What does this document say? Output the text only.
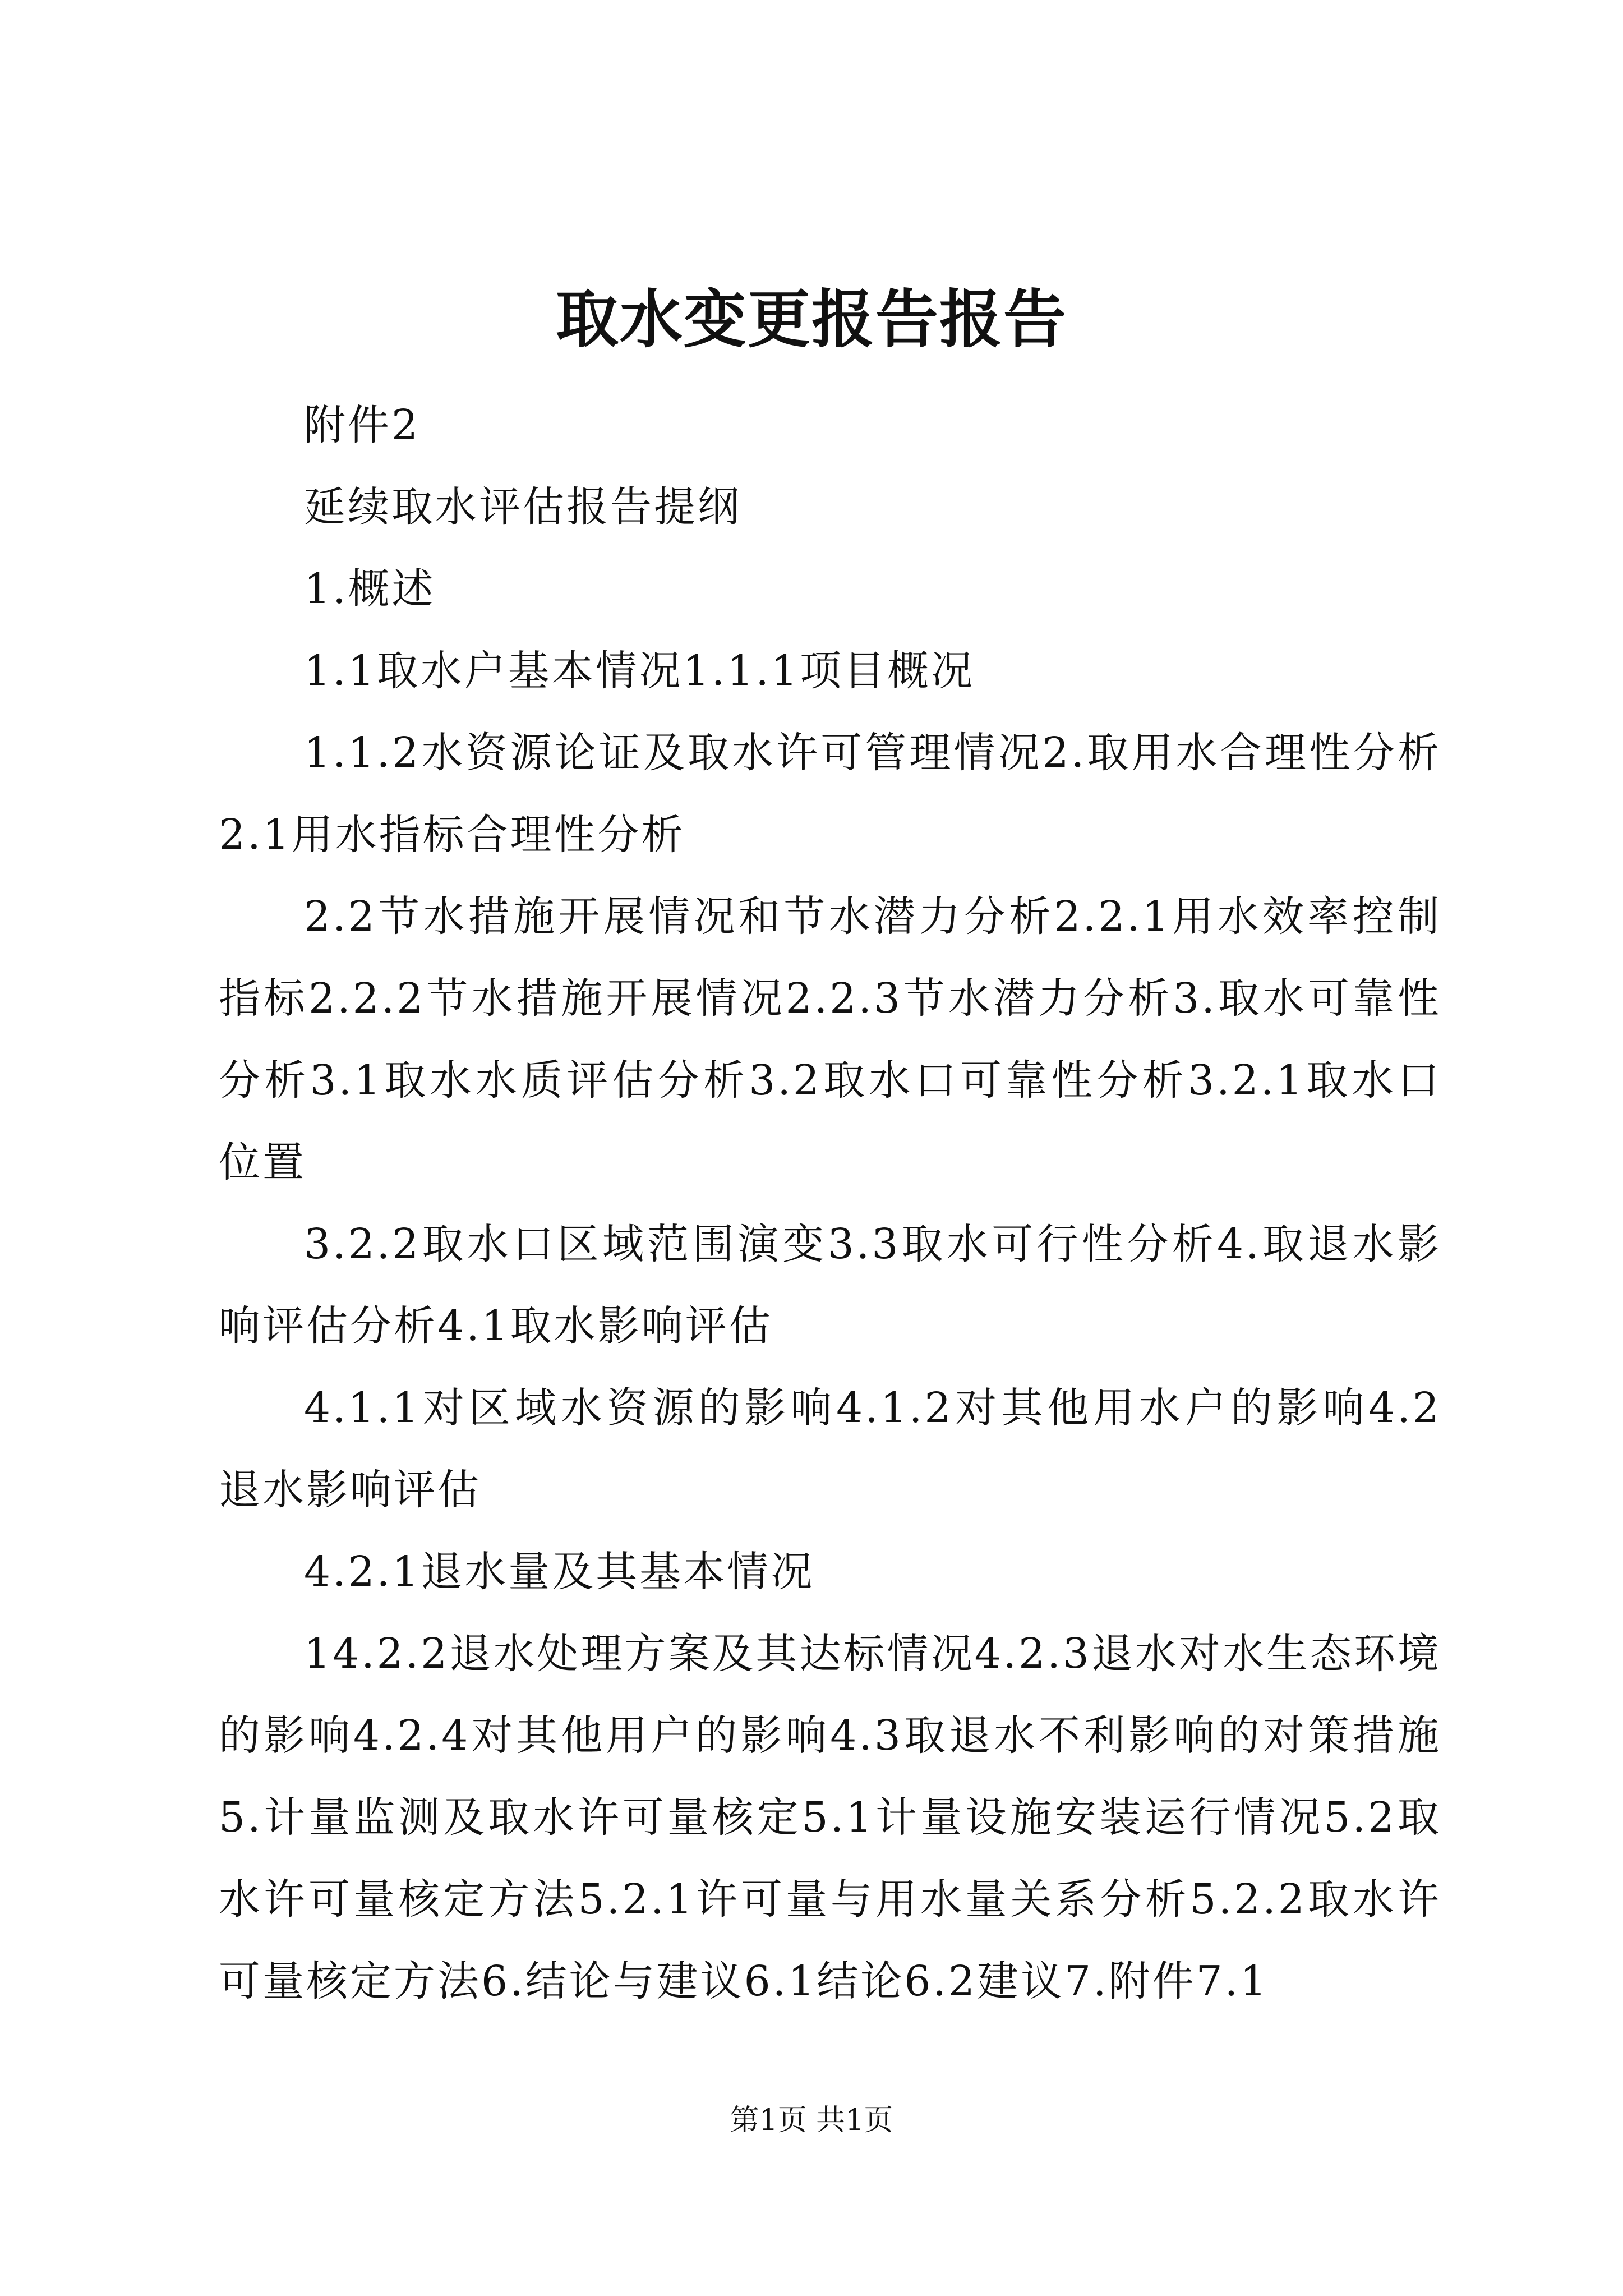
取水变更报告报告

附件2

延续取水评估报告提纲

1.概述

1.1取水户基本情况1.1.1项目概况

1.1.2水资源论证及取水许可管理情况2.取用水合理性分析2.1用水指标合理性分析

2.2节水措施开展情况和节水潜力分析2.2.1用水效率控制指标2.2.2节水措施开展情况2.2.3节水潜力分析3.取水可靠性分析3.1取水水质评估分析3.2取水口可靠性分析3.2.1取水口位置

3.2.2取水口区域范围演变3.3取水可行性分析4.取退水影响评估分析4.1取水影响评估

4.1.1对区域水资源的影响4.1.2对其他用水户的影响4.2退水影响评估

4.2.1退水量及其基本情况

14.2.2退水处理方案及其达标情况4.2.3退水对水生态环境的影响4.2.4对其他用户的影响4.3取退水不利影响的对策措施5.计量监测及取水许可量核定5.1计量设施安装运行情况5.2取水许可量核定方法5.2.1许可量与用水量关系分析5.2.2取水许可量核定方法6.结论与建议6.1结论6.2建议7.附件7.1

第1页 共1页
